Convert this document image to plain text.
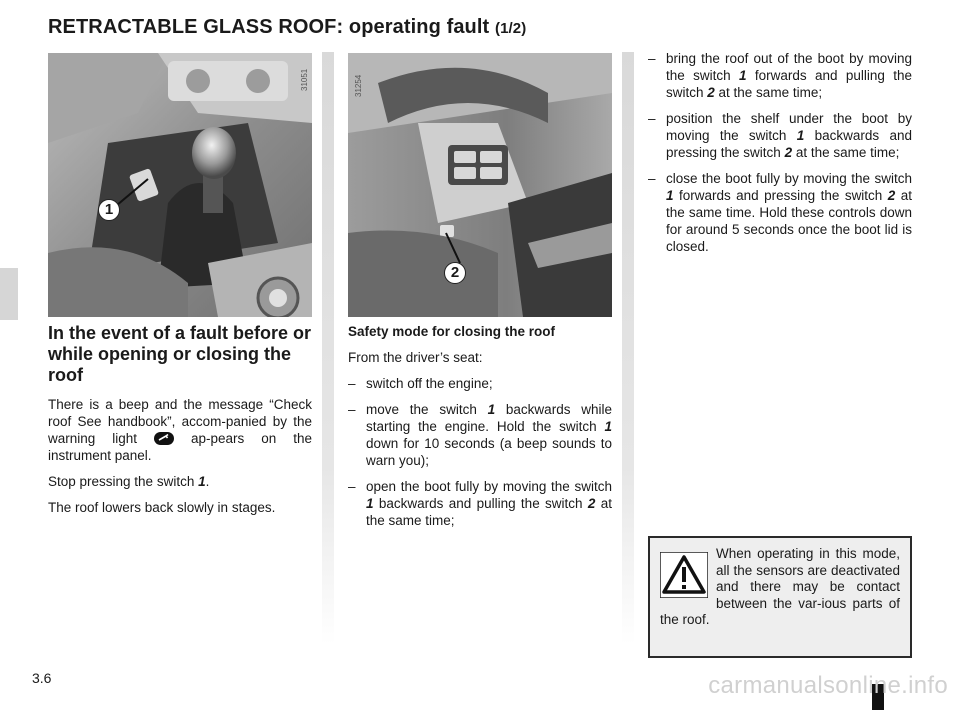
RETRACTABLE GLASS ROOF: operating fault (1/2)
31051
1
31254
2
In the event of a fault before or while opening or closing the roof

There is a beep and the message “Check roof See handbook”, accom-panied by the warning light	ap-pears on the instrument panel.

Stop pressing the switch 1.

The roof lowers back slowly in stages.

Safety mode for closing the roof

From the driver’s seat:

– switch off the engine;
– move the switch 1 backwards while starting the engine. Hold the switch 1 down for 10 seconds (a beep sounds to warn you);
– open the boot fully by moving the switch 1 backwards and pulling the switch 2 at the same time;
– bring the roof out of the boot by moving the switch 1 forwards and pulling the switch 2 at the same time;
– position the shelf under the boot by moving the switch 1 backwards and pressing the switch 2 at the same time;
– close the boot fully by moving the switch 1 forwards and pressing the switch 2 at the same time. Hold these controls down for around 5 seconds once the boot lid is closed.
When operating in this mode, all the sensors are deactivated and there may be contact between the var-ious parts of the roof.
3.6	carmanualsonline.info
